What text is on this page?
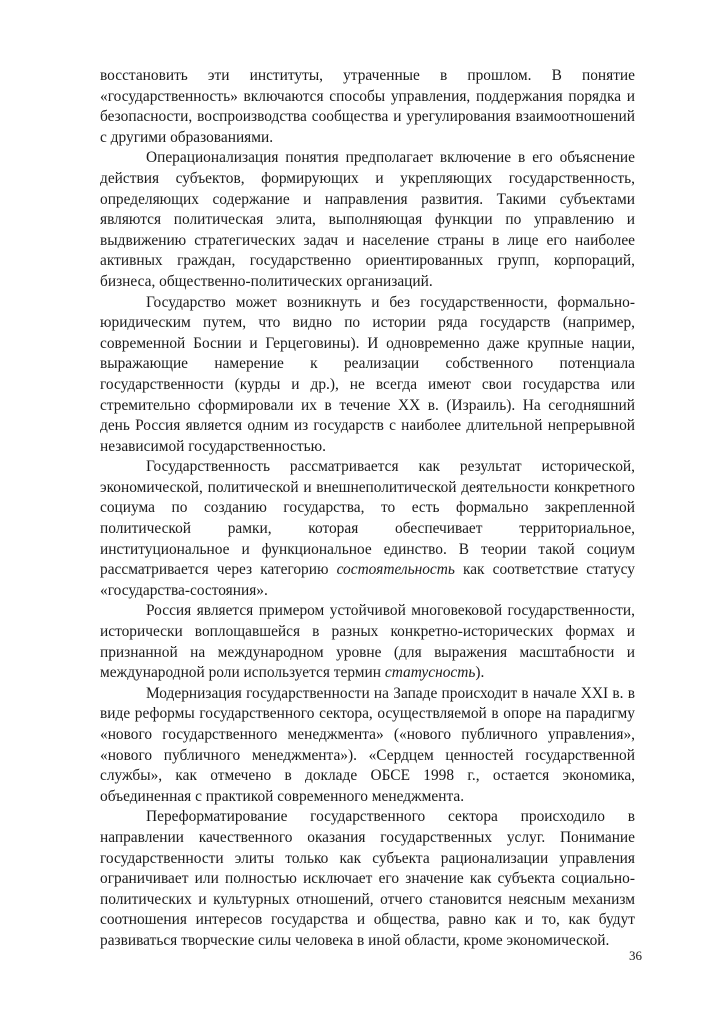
восстановить эти институты, утраченные в прошлом. В понятие «государственность» включаются способы управления, поддержания порядка и безопасности, воспроизводства сообщества и урегулирования взаимоотношений с другими образованиями.

Операционализация понятия предполагает включение в его объяснение действия субъектов, формирующих и укрепляющих государственность, определяющих содержание и направления развития. Такими субъектами являются политическая элита, выполняющая функции по управлению и выдвижению стратегических задач и население страны в лице его наиболее активных граждан, государственно ориентированных групп, корпораций, бизнеса, общественно-политических организаций.

Государство может возникнуть и без государственности, формально-юридическим путем, что видно по истории ряда государств (например, современной Боснии и Герцеговины). И одновременно даже крупные нации, выражающие намерение к реализации собственного потенциала государственности (курды и др.), не всегда имеют свои государства или стремительно сформировали их в течение XX в. (Израиль). На сегодняшний день Россия является одним из государств с наиболее длительной непрерывной независимой государственностью.

Государственность рассматривается как результат исторической, экономической, политической и внешнеполитической деятельности конкретного социума по созданию государства, то есть формально закрепленной политической рамки, которая обеспечивает территориальное, институциональное и функциональное единство. В теории такой социум рассматривается через категорию состоятельность как соответствие статусу «государства-состояния».

Россия является примером устойчивой многовековой государственности, исторически воплощавшейся в разных конкретно-исторических формах и признанной на международном уровне (для выражения масштабности и международной роли используется термин статусность).

Модернизация государственности на Западе происходит в начале XXI в. в виде реформы государственного сектора, осуществляемой в опоре на парадигму «нового государственного менеджмента» («нового публичного управления», «нового публичного менеджмента»). «Сердцем ценностей государственной службы», как отмечено в докладе ОБСЕ 1998 г., остается экономика, объединенная с практикой современного менеджмента.

Переформатирование государственного сектора происходило в направлении качественного оказания государственных услуг. Понимание государственности элиты только как субъекта рационализации управления ограничивает или полностью исключает его значение как субъекта социально-политических и культурных отношений, отчего становится неясным механизм соотношения интересов государства и общества, равно как и то, как будут развиваться творческие силы человека в иной области, кроме экономической.

36
